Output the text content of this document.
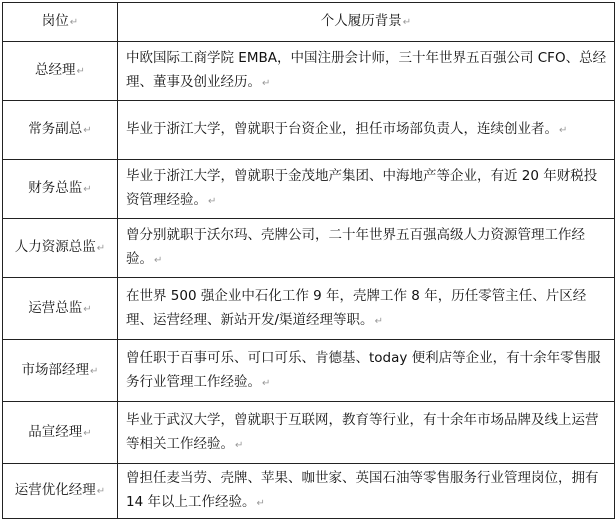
岗位↵	个人履历背景↵
总经理↵	中欧国际工商学院 EMBA，中国注册会计师，三十年世界五百强公司 CFO、总经理、董事及创业经历。↵
常务副总↵	毕业于浙江大学，曾就职于台资企业，担任市场部负责人，连续创业者。↵
财务总监↵	毕业于浙江大学，曾就职于金茂地产集团、中海地产等企业，有近 20 年财税投资管理经验。↵
人力资源总监↵	曾分别就职于沃尔玛、壳牌公司，二十年世界五百强高级人力资源管理工作经验。↵
运营总监↵	在世界 500 强企业中石化工作 9 年，壳牌工作 8 年，历任零管主任、片区经理、运营经理、新站开发/渠道经理等职。↵
市场部经理↵	曾任职于百事可乐、可口可乐、肯德基、today 便利店等企业，有十余年零售服务行业管理工作经验。↵
品宣经理↵	毕业于武汉大学，曾就职于互联网，教育等行业，有十余年市场品牌及线上运营等相关工作经验。↵
运营优化经理↵	曾担任麦当劳、壳牌、苹果、咖世家、英国石油等零售服务行业管理岗位，拥有 14 年以上工作经验。↵
